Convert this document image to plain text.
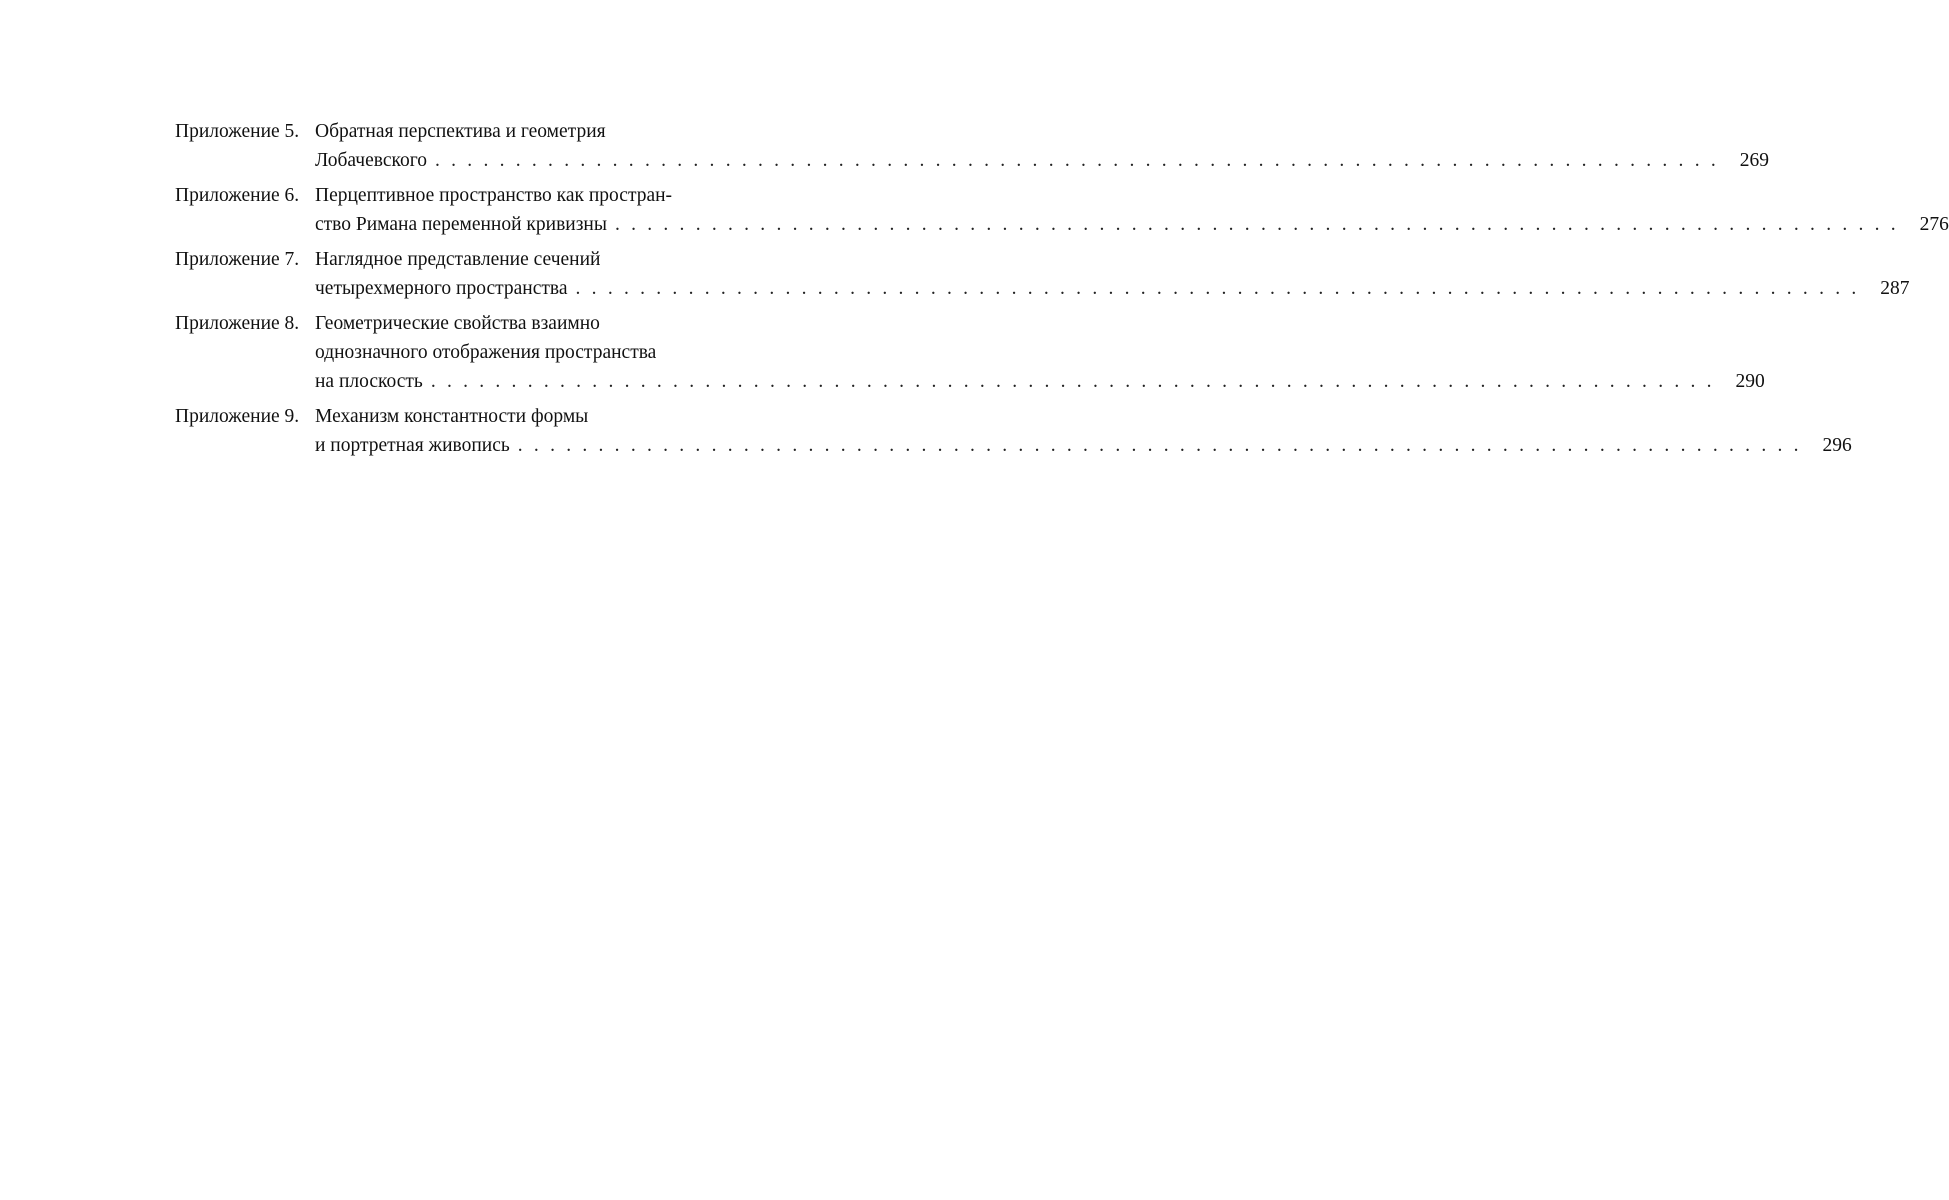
Приложение 5. Обратная перспектива и геометрия
Лобачевского . . . . . . . . . . . . . . . . . . . . . . . . . . . . . . . . . . . . . . . . . . . . . . . . . . . . . . . . . . . . . . . . . . . . . . . . . . . . . . . . 269
Приложение 6. Перцептивное пространство как простран-
ство Римана переменной кривизны . . . . . . . . . . . . . . . . . . . . . . . . . . . . . . . . . . . . . . . . . . . . . . . . . . . . . . . . . . . . . . . . . . . . . . . . . . . . . . . . 276
Приложение 7. Наглядное представление сечений
четырехмерного пространства . . . . . . . . . . . . . . . . . . . . . . . . . . . . . . . . . . . . . . . . . . . . . . . . . . . . . . . . . . . . . . . . . . . . . . . . . . . . . . . . 287
Приложение 8. Геометрические свойства взаимно
однозначного отображения пространства
на плоскость . . . . . . . . . . . . . . . . . . . . . . . . . . . . . . . . . . . . . . . . . . . . . . . . . . . . . . . . . . . . . . . . . . . . . . . . . . . . . . . . 290
Приложение 9. Механизм константности формы
и портретная живопись . . . . . . . . . . . . . . . . . . . . . . . . . . . . . . . . . . . . . . . . . . . . . . . . . . . . . . . . . . . . . . . . . . . . . . . . . . . . . . . . 296
